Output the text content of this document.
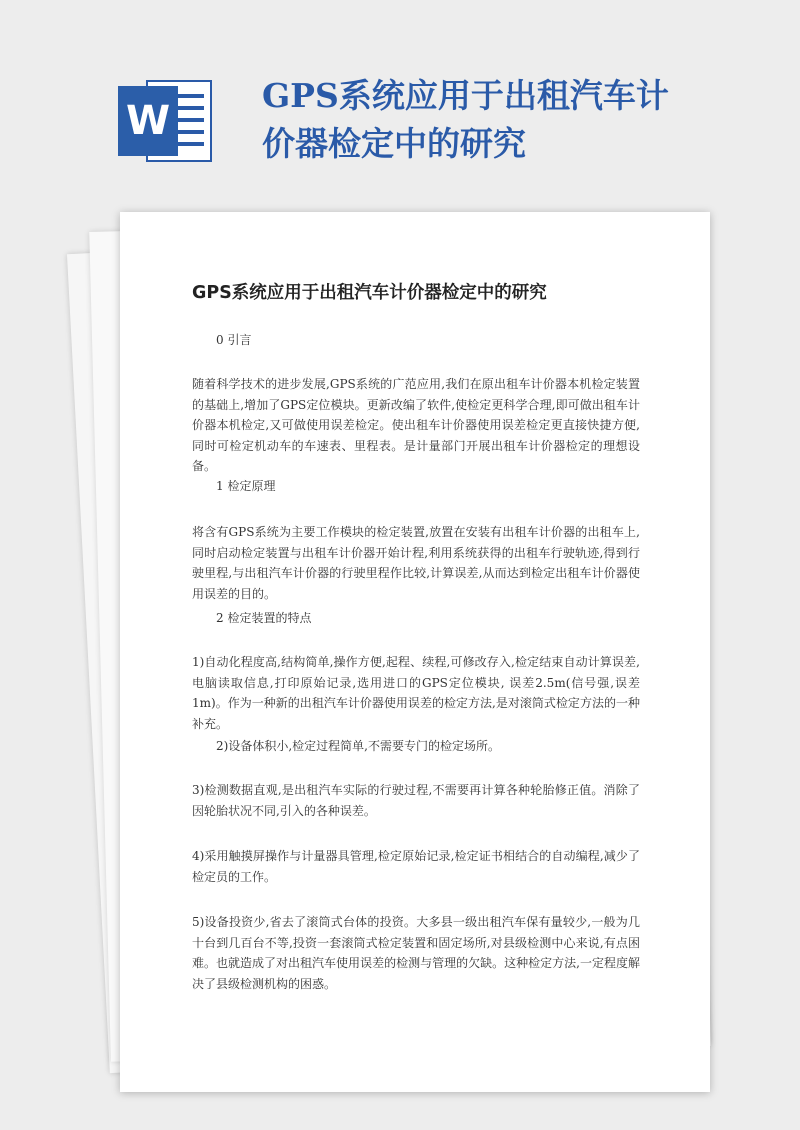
W
GPS系统应用于出租汽车计
价器检定中的研究
GPS系统应用于出租汽车计价器检定中的研究
0 引言
随着科学技术的进步发展,GPS系统的广范应用,我们在原出租车计价器本机检定装置的基础上,增加了GPS定位模块。更新改编了软件,使检定更科学合理,即可做出租车计价器本机检定,又可做使用误差检定。使出租车计价器使用误差检定更直接快捷方便,同时可检定机动车的车速表、里程表。是计量部门开展出租车计价器检定的理想设备。
1 检定原理
将含有GPS系统为主要工作模块的检定装置,放置在安装有出租车计价器的出租车上,同时启动检定装置与出租车计价器开始计程,利用系统获得的出租车行驶轨迹,得到行驶里程,与出租汽车计价器的行驶里程作比较,计算误差,从而达到检定出租车计价器使用误差的目的。
2 检定装置的特点
1)自动化程度高,结构简单,操作方便,起程、续程,可修改存入,检定结束自动计算误差,电脑读取信息,打印原始记录,选用进口的GPS定位模块, 误差2.5m(信号强,误差1m)。作为一种新的出租汽车计价器使用误差的检定方法,是对滚筒式检定方法的一种补充。
2)设备体积小,检定过程简单,不需要专门的检定场所。
3)检测数据直观,是出租汽车实际的行驶过程,不需要再计算各种轮胎修正值。消除了因轮胎状况不同,引入的各种误差。
4)采用触摸屏操作与计量器具管理,检定原始记录,检定证书相结合的自动编程,减少了检定员的工作。
5)设备投资少,省去了滚筒式台体的投资。大多县一级出租汽车保有量较少,一般为几十台到几百台不等,投资一套滚筒式检定装置和固定场所,对县级检测中心来说,有点困难。也就造成了对出租汽车使用误差的检测与管理的欠缺。这种检定方法,一定程度解决了县级检测机构的困惑。
